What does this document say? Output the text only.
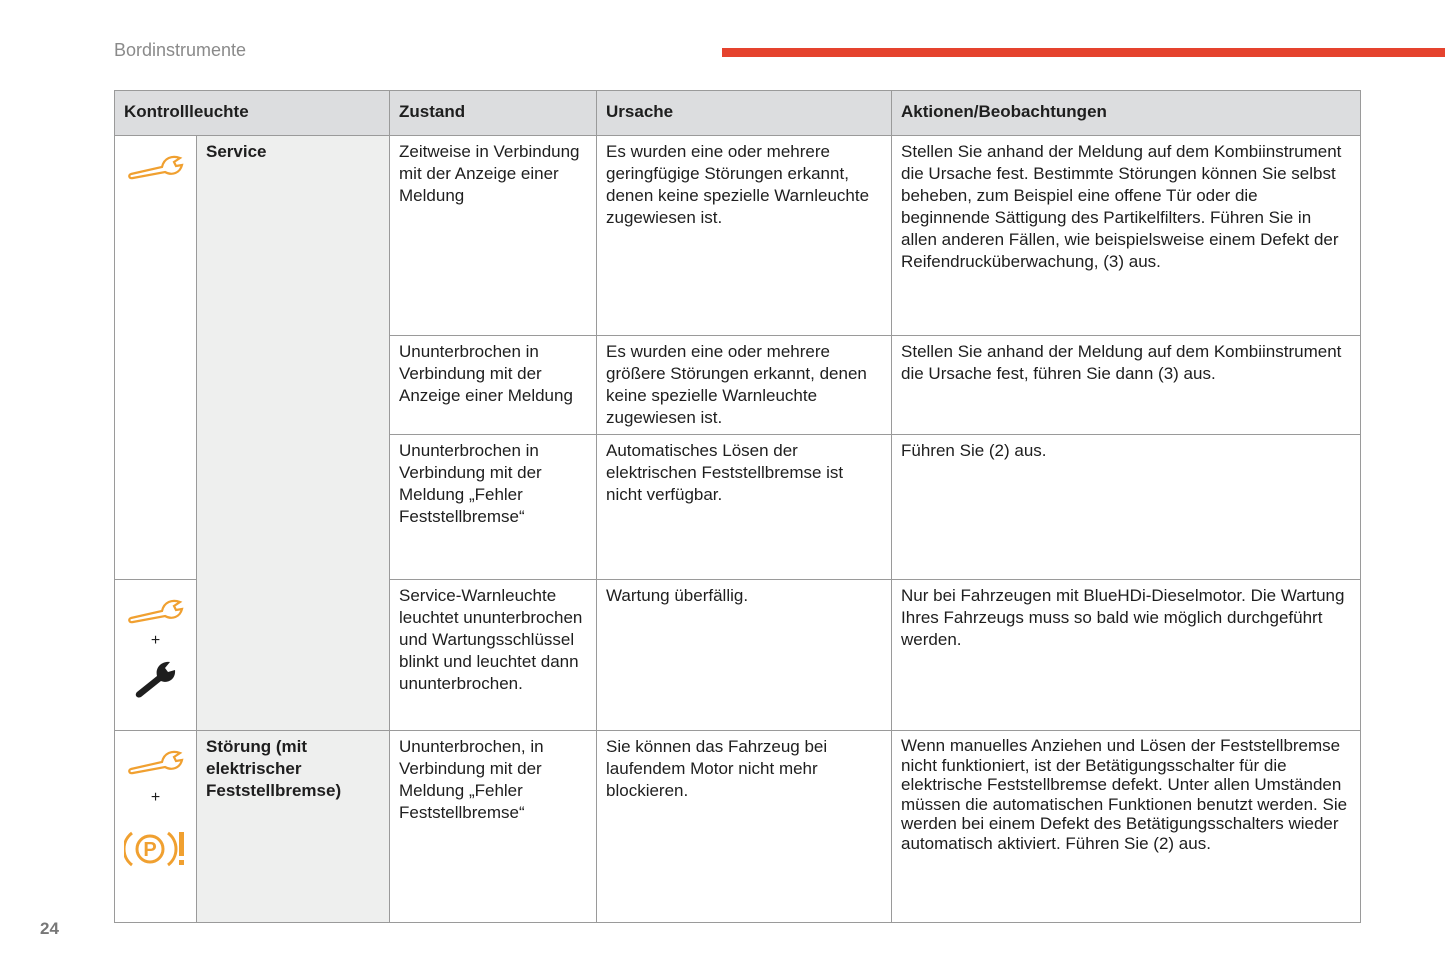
Bordinstrumente
24
Kontrollleuchte		Zustand	Ursache	Aktionen/Beobachtungen

	Service	Zeitweise in Verbindung mit der Anzeige einer Meldung	Es wurden eine oder mehrere geringfügige Störungen erkannt, denen keine spezielle Warnleuchte zugewiesen ist.	Stellen Sie anhand der Meldung auf dem Kombiinstrument die Ursache fest. Bestimmte Störungen können Sie selbst beheben, zum Beispiel eine offene Tür oder die beginnende Sättigung des Partikelfilters. Führen Sie in allen anderen Fällen, wie beispielsweise einem Defekt der Reifendrucküberwachung, (3) aus.
		Ununterbrochen in Verbindung mit der Anzeige einer Meldung	Es wurden eine oder mehrere größere Störungen erkannt, denen keine spezielle Warnleuchte zugewiesen ist.	Stellen Sie anhand der Meldung auf dem Kombiinstrument die Ursache fest, führen Sie dann (3) aus.
		Ununterbrochen in Verbindung mit der Meldung „Fehler Feststellbremse“	Automatisches Lösen der elektrischen Feststellbremse ist nicht verfügbar.	Führen Sie (2) aus.

+		Service-Warnleuchte leuchtet ununterbrochen und Wartungsschlüssel blinkt und leuchtet dann ununterbrochen.	Wartung überfällig.	Nur bei Fahrzeugen mit BlueHDi-Dieselmotor. Die Wartung Ihres Fahrzeugs muss so bald wie möglich durchgeführt werden.

+
P	Störung (mit elektrischer Feststellbremse)	Ununterbrochen, in Verbindung mit der Meldung „Fehler Feststellbremse“	Sie können das Fahrzeug bei laufendem Motor nicht mehr blockieren.	Wenn manuelles Anziehen und Lösen der Feststellbremse nicht funktioniert, ist der Betätigungsschalter für die elektrische Feststellbremse defekt. Unter allen Umständen müssen die automatischen Funktionen benutzt werden. Sie werden bei einem Defekt des Betätigungsschalters wieder automatisch aktiviert. Führen Sie (2) aus.
